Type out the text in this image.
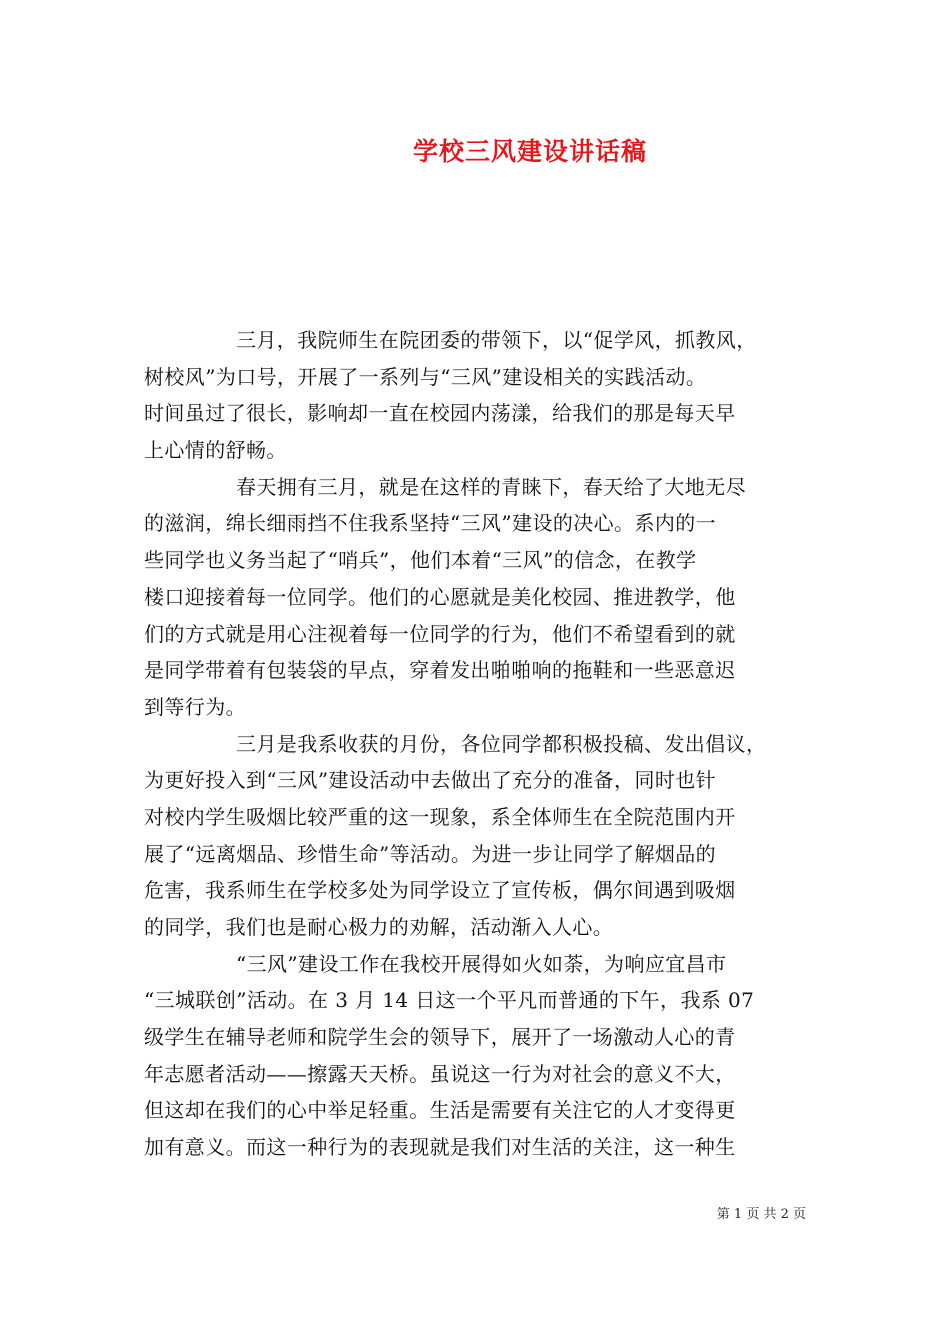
学校三风建设讲话稿
三月，我院师生在院团委的带领下，以“促学风，抓教风，
树校风”为口号，开展了一系列与“三风”建设相关的实践活动。
时间虽过了很长，影响却一直在校园内荡漾，给我们的那是每天早
上心情的舒畅。
春天拥有三月，就是在这样的青睐下，春天给了大地无尽
的滋润，绵长细雨挡不住我系坚持“三风”建设的决心。系内的一
些同学也义务当起了“哨兵”，他们本着“三风”的信念，在教学
楼口迎接着每一位同学。他们的心愿就是美化校园、推进教学，他
们的方式就是用心注视着每一位同学的行为，他们不希望看到的就
是同学带着有包装袋的早点，穿着发出啪啪响的拖鞋和一些恶意迟
到等行为。
三月是我系收获的月份，各位同学都积极投稿、发出倡议，
为更好投入到“三风”建设活动中去做出了充分的准备，同时也针
对校内学生吸烟比较严重的这一现象，系全体师生在全院范围内开
展了“远离烟品、珍惜生命”等活动。为进一步让同学了解烟品的
危害，我系师生在学校多处为同学设立了宣传板，偶尔间遇到吸烟
的同学，我们也是耐心极力的劝解，活动渐入人心。
“三风”建设工作在我校开展得如火如荼，为响应宜昌市
“三城联创”活动。在 3 月 14 日这一个平凡而普通的下午，我系 07
级学生在辅导老师和院学生会的领导下，展开了一场激动人心的青
年志愿者活动——擦露天天桥。虽说这一行为对社会的意义不大，
但这却在我们的心中举足轻重。生活是需要有关注它的人才变得更
加有意义。而这一种行为的表现就是我们对生活的关注，这一种生
第 1 页 共 2 页
